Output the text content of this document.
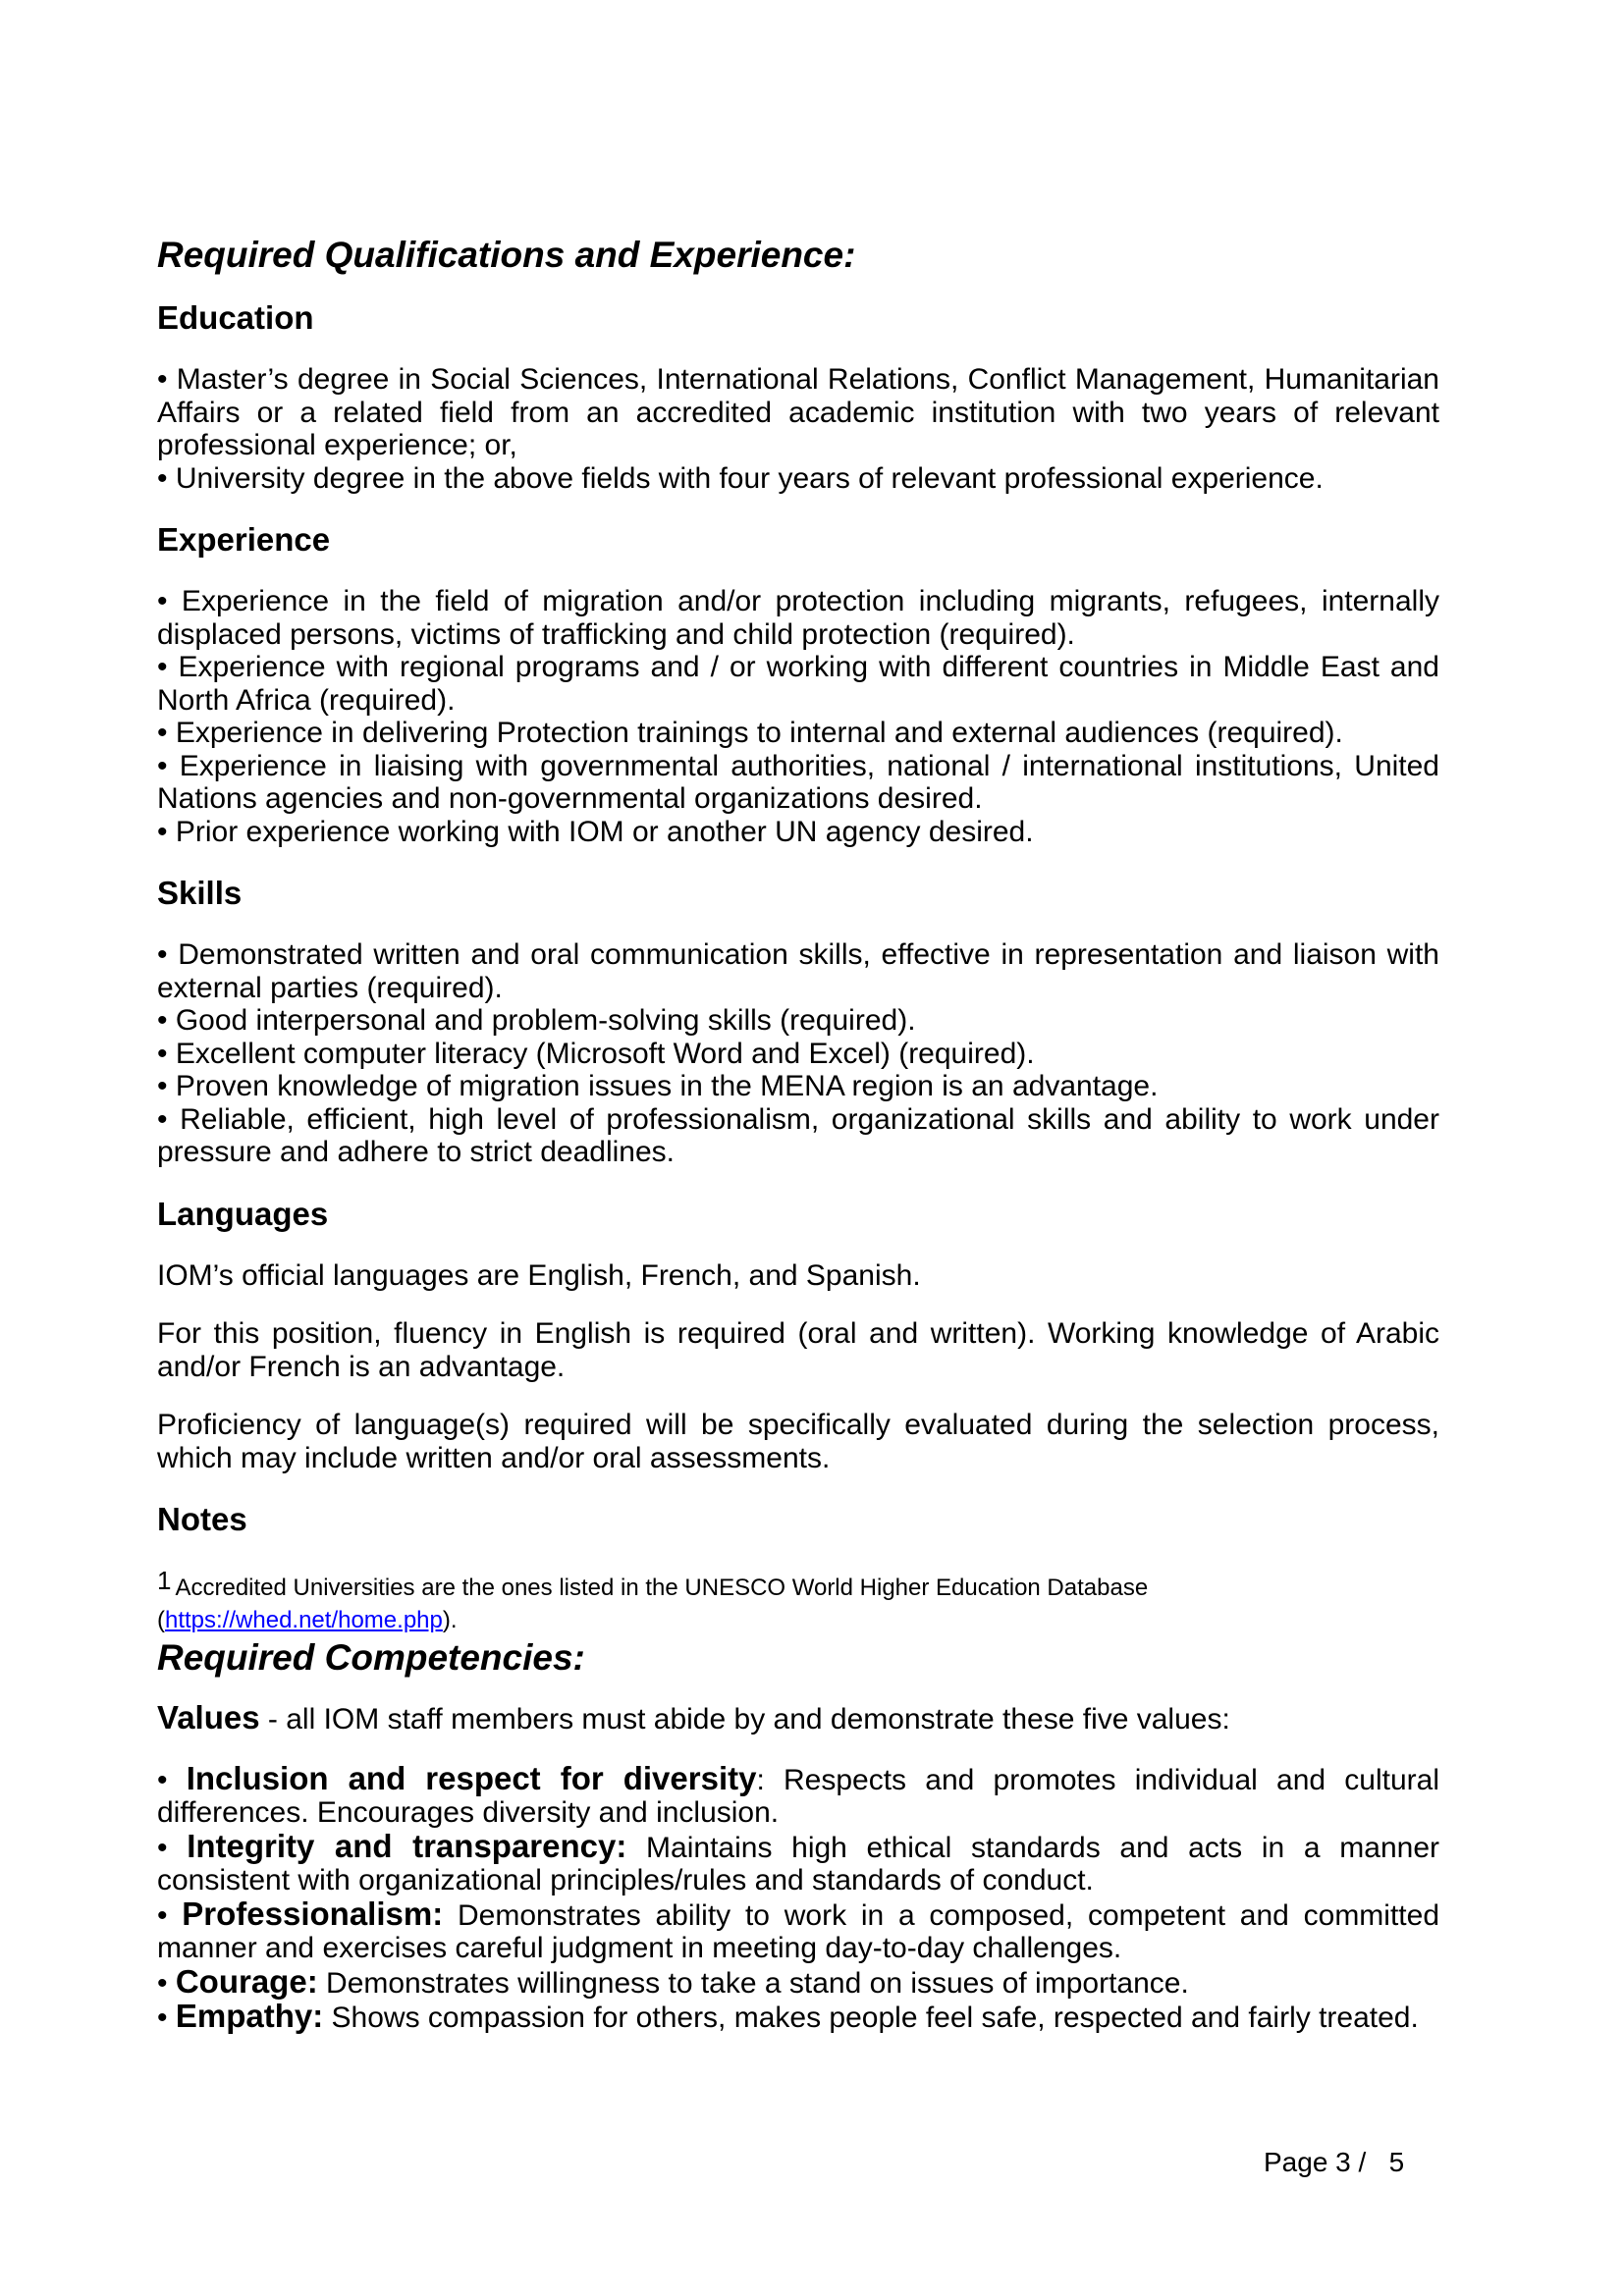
Required Qualifications and Experience:
Education

• Master’s degree in Social Sciences, International Relations, Conflict Management, Humanitarian Affairs or a related field from an accredited academic institution with two years of relevant professional experience; or,

• University degree in the above fields with four years of relevant professional experience.

Experience

• Experience in the field of migration and/or protection including migrants, refugees, internally displaced persons, victims of trafficking and child protection (required).

• Experience with regional programs and / or working with different countries in Middle East and North Africa (required).

• Experience in delivering Protection trainings to internal and external audiences (required).

• Experience in liaising with governmental authorities, national / international institutions, United Nations agencies and non-governmental organizations desired.

• Prior experience working with IOM or another UN agency desired.

Skills

• Demonstrated written and oral communication skills, effective in representation and liaison with external parties (required).

• Good interpersonal and problem-solving skills (required).

• Excellent computer literacy (Microsoft Word and Excel) (required).

• Proven knowledge of migration issues in the MENA region is an advantage.

• Reliable, efficient, high level of professionalism, organizational skills and ability to work under pressure and adhere to strict deadlines.

Languages

IOM’s official languages are English, French, and Spanish.

For this position, fluency in English is required (oral and written). Working knowledge of Arabic and/or French is an advantage.

Proficiency of language(s) required will be specifically evaluated during the selection process, which may include written and/or oral assessments.

Notes

$^1$ Accredited Universities are the ones listed in the UNESCO World Higher Education Database
(https://whed.net/home.php).

Required Competencies:

Values - all IOM staff members must abide by and demonstrate these five values:

• Inclusion and respect for diversity: Respects and promotes individual and cultural differences. Encourages diversity and inclusion.

• Integrity and transparency: Maintains high ethical standards and acts in a manner consistent with organizational principles/rules and standards of conduct.

• Professionalism: Demonstrates ability to work in a composed, competent and committed manner and exercises careful judgment in meeting day-to-day challenges.

• Courage: Demonstrates willingness to take a stand on issues of importance.

• Empathy: Shows compassion for others, makes people feel safe, respected and fairly treated.

Page 3 /   5
